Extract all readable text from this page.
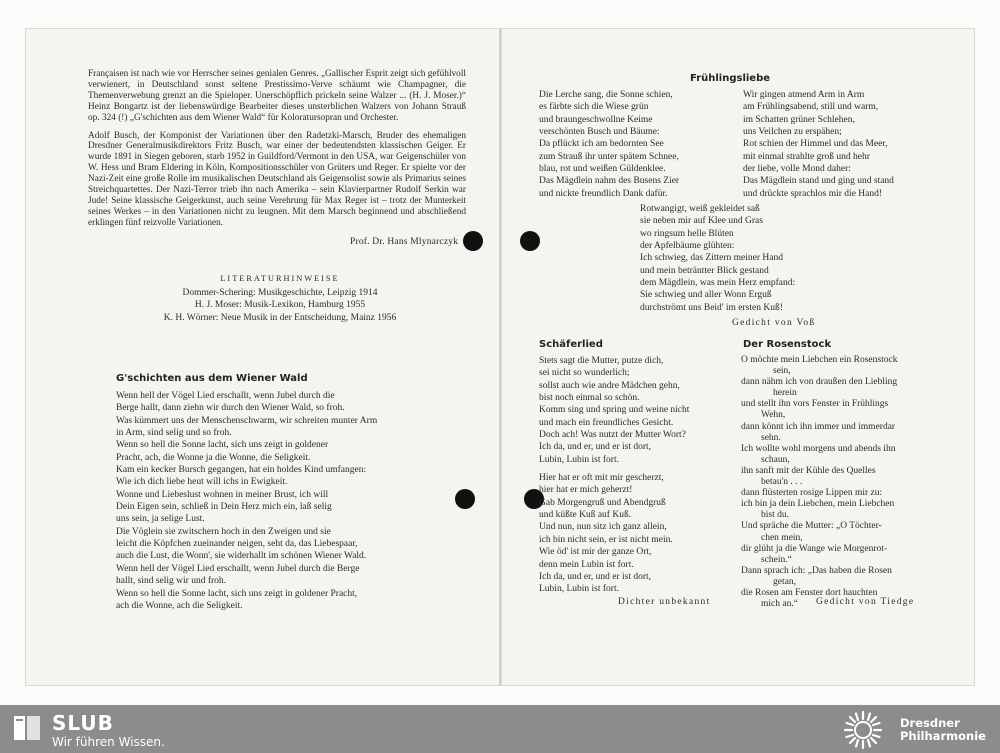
Françaisen ist nach wie vor Herrscher seines genialen Genres. „Gallischer Esprit zeigt sich gefühlvoll verwienert, in Deutschland sonst seltene Prestissimo-Verve schäumt wie Champagner, die Themenverwebung grenzt an die Spieloper. Unerschöpflich prickeln seine Walzer ... (H. J. Moser.)“ Heinz Bongartz ist der liebenswürdige Bearbeiter dieses unsterblichen Walzers von Johann Strauß op. 324 (!) „G'schichten aus dem Wiener Wald“ für Koloratursopran und Orchester.

Adolf Busch, der Komponist der Variationen über den Radetzki-Marsch, Bruder des ehemaligen Dresdner Generalmusikdirektors Fritz Busch, war einer der bedeutendsten klassischen Geiger. Er wurde 1891 in Siegen geboren, starb 1952 in Guildford/Vermont in den USA, war Geigenschüler von W. Hess und Bram Eldering in Köln, Kompositionsschüler von Grüters und Reger. Er spielte vor der Nazi-Zeit eine große Rolle im musikalischen Deutschland als Geigensolist sowie als Primarius seines Streichquartettes. Der Nazi-Terror trieb ihn nach Amerika – sein Klavierpartner Rudolf Serkin war Jude! Seine klassische Geigerkunst, auch seine Verehrung für Max Reger ist – trotz der Munterkeit seines Werkes – in den Variationen nicht zu leugnen. Mit dem Marsch beginnend und abschließend erklingen fünf reizvolle Variationen.

Prof. Dr. Hans Mlynarczyk
LITERATURHINWEISE
Dommer-Schering: Musikgeschichte, Leipzig 1914
H. J. Moser: Musik-Lexikon, Hamburg 1955
K. H. Wörner: Neue Musik in der Entscheidung, Mainz 1956
G'schichten aus dem Wiener Wald
Wenn hell der Vögel Lied erschallt, wenn Jubel durch die
Berge hallt, dann ziehn wir durch den Wiener Wald, so froh.
Was kümmert uns der Menschenschwarm, wir schreiten munter Arm
in Arm, sind selig und so froh.
Wenn so hell die Sonne lacht, sich uns zeigt in goldener
Pracht, ach, die Wonne ja die Wonne, die Seligkeit.
Kam ein kecker Bursch gegangen, hat ein holdes Kind umfangen:
Wie ich dich liebe heut will ichs in Ewigkeit.
Wonne und Liebeslust wohnen in meiner Brust, ich will
Dein Eigen sein, schließ in Dein Herz mich ein, laß selig
uns sein, ja selige Lust.
Die Vöglein sie zwitschern hoch in den Zweigen und sie
leicht die Köpfchen zueinander neigen, seht da, das Liebespaar,
auch die Lust, die Wonn', sie widerhallt im schönen Wiener Wald.
Wenn hell der Vögel Lied erschallt, wenn Jubel durch die Berge
hallt, sind selig wir und froh.
Wenn so hell die Sonne lacht, sich uns zeigt in goldener Pracht,
ach die Wonne, ach die Seligkeit.
Frühlingsliebe
Die Lerche sang, die Sonne schien,
es färbte sich die Wiese grün
und braungeschwollne Keime
verschönten Busch und Bäume:
Da pflückt ich am bedornten See
zum Strauß ihr unter spätem Schnee,
blau, rot und weißen Güldenklee.
Das Mägdlein nahm des Busens Zier
und nickte freundlich Dank dafür.
Wir gingen atmend Arm in Arm
am Frühlingsabend, still und warm,
im Schatten grüner Schlehen,
uns Veilchen zu erspähen;
Rot schien der Himmel und das Meer,
mit einmal strahlte groß und hehr
der liebe, volle Mond daher:
Das Mägdlein stand und ging und stand
und drückte sprachlos mir die Hand!
Rotwangigt, weiß gekleidet saß
sie neben mir auf Klee und Gras
wo ringsum helle Blüten
der Apfelbäume glühten:
Ich schwieg, das Zittern meiner Hand
und mein beträntter Blick gestand
dem Mägdlein, was mein Herz empfand:
Sie schwieg und aller Wonn Erguß
durchströmt uns Beid' im ersten Kuß!
Gedicht von Voß
Schäferlied
Stets sagt die Mutter, putze dich,
sei nicht so wunderlich;
sollst auch wie andre Mädchen gehn,
bist noch einmal so schön.
Komm sing und spring und weine nicht
und mach ein freundliches Gesicht.
Doch ach! Was nutzt der Mutter Wort?
Ich da, und er, und er ist dort,
Lubin, Lubin ist fort.
Hier hat er oft mit mir gescherzt,
hier hat er mich geherzt!
Gab Morgengruß und Abendgruß
und küßte Kuß auf Kuß.
Und nun, nun sitz ich ganz allein,
ich bin nicht sein, er ist nicht mein.
Wie öd' ist mir der ganze Ort,
denn mein Lubin ist fort.
Ich da, und er, und er ist dort,
Lubin, Lubin ist fort.
Dichter unbekannt
Der Rosenstock
O möchte mein Liebchen ein Rosenstock
sein,
dann nähm ich von draußen den Liebling
herein
und stellt ihn vors Fenster in Frühlings
Wehn,
dann könnt ich ihn immer und immerdar
sehn.
Ich wollte wohl morgens und abends ihn
schaun,
ihn sanft mit der Kühle des Quelles
betau'n . . .
dann flüsterten rosige Lippen mir zu:
ich bin ja dein Liebchen, mein Liebchen
bist du.
Und spräche die Mutter: „O Töchter-
chen mein,
dir glüht ja die Wange wie Morgenrot-
schein.“
Dann sprach ich: „Das haben die Rosen
getan,
die Rosen am Fenster dort hauchten
mich an.“	Gedicht von Tiedge
SLUB
Wir führen Wissen.
Dresdner
Philharmonie
